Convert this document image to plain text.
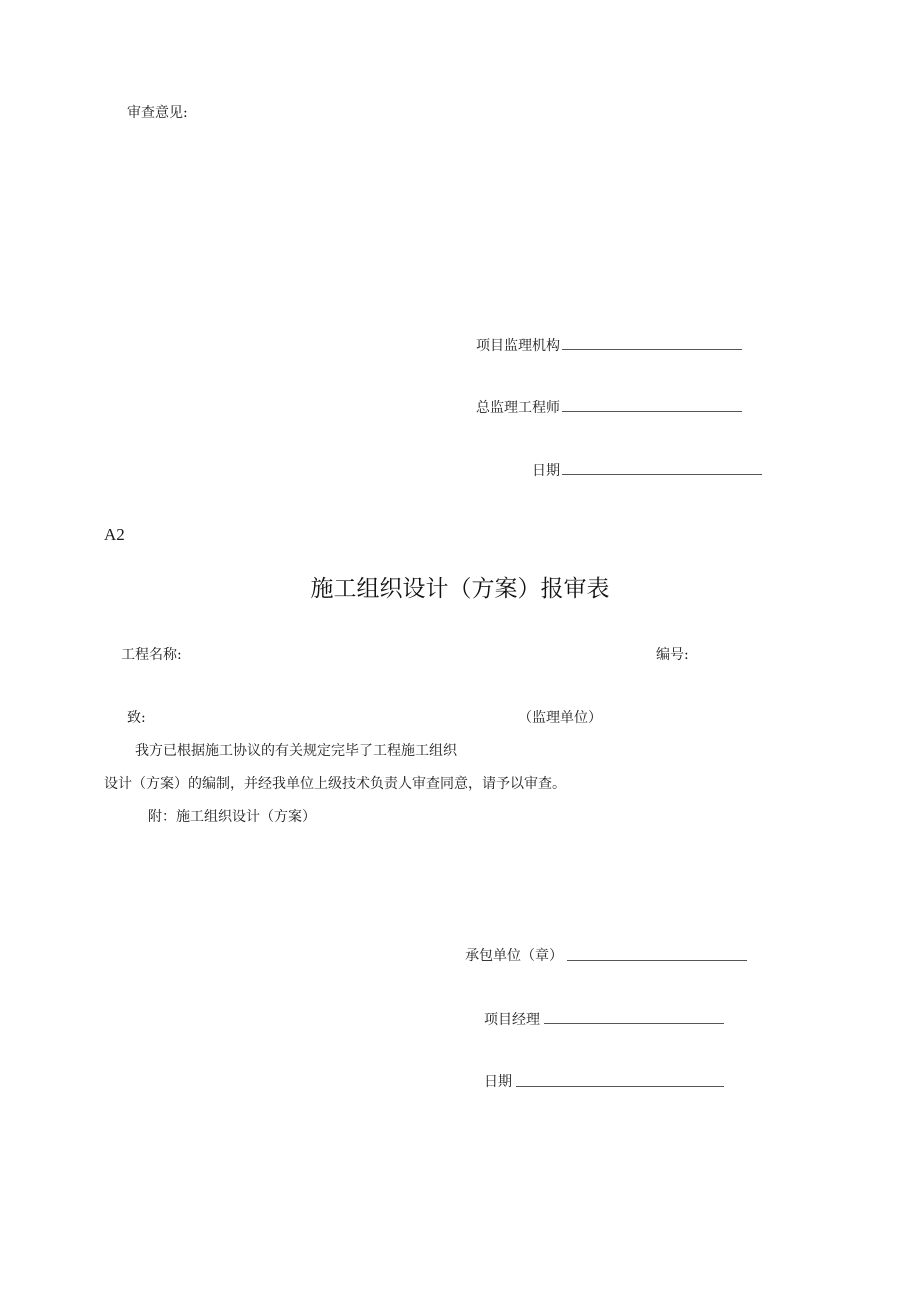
审查意见:
项目监理机构
总监理工程师
日期
A2
施工组织设计（方案）报审表
工程名称:	编号:
致:	（监理单位）
我方已根据施工协议的有关规定完毕了工程施工组织
设计（方案）的编制，并经我单位上级技术负责人审查同意，请予以审查。
附：施工组织设计（方案）
承包单位（章）
项目经理
日期
